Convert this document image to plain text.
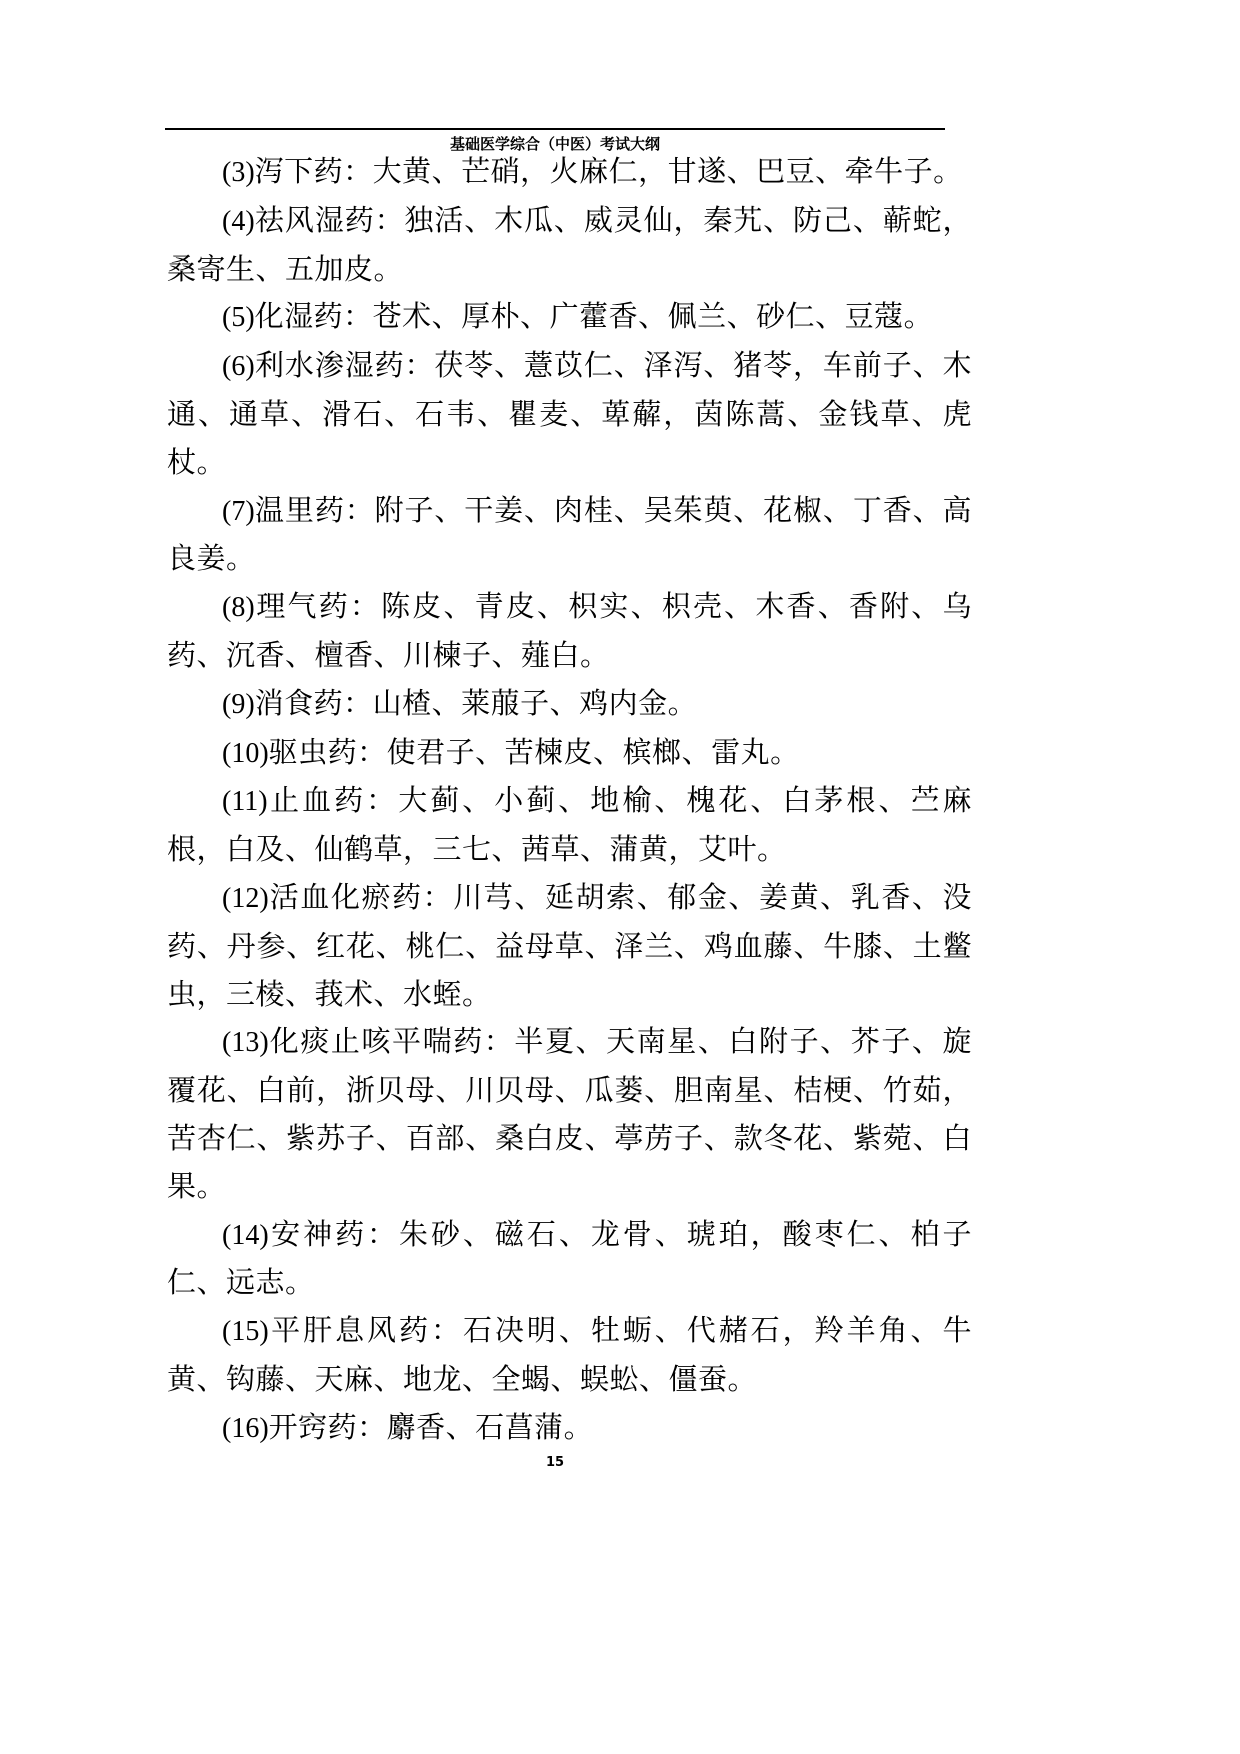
基础医学综合（中医）考试大纲

(3)泻下药：大黄、芒硝，火麻仁，甘遂、巴豆、牵牛子。

(4)祛风湿药：独活、木瓜、威灵仙，秦艽、防己、蕲蛇，桑寄生、五加皮。

(5)化湿药：苍术、厚朴、广藿香、佩兰、砂仁、豆蔻。

(6)利水渗湿药：茯苓、薏苡仁、泽泻、猪苓，车前子、木通、通草、滑石、石韦、瞿麦、萆薢，茵陈蒿、金钱草、虎杖。

(7)温里药：附子、干姜、肉桂、吴茱萸、花椒、丁香、高良姜。

(8)理气药：陈皮、青皮、枳实、枳壳、木香、香附、乌药、沉香、檀香、川楝子、薤白。

(9)消食药：山楂、莱菔子、鸡内金。

(10)驱虫药：使君子、苦楝皮、槟榔、雷丸。

(11)止血药：大蓟、小蓟、地榆、槐花、白茅根、苎麻根，白及、仙鹤草，三七、茜草、蒲黄，艾叶。

(12)活血化瘀药：川芎、延胡索、郁金、姜黄、乳香、没药、丹参、红花、桃仁、益母草、泽兰、鸡血藤、牛膝、土鳖虫，三棱、莪术、水蛭。

(13)化痰止咳平喘药：半夏、天南星、白附子、芥子、旋覆花、白前，浙贝母、川贝母、瓜蒌、胆南星、桔梗、竹茹，苦杏仁、紫苏子、百部、桑白皮、葶苈子、款冬花、紫菀、白果。

(14)安神药：朱砂、磁石、龙骨、琥珀，酸枣仁、柏子仁、远志。

(15)平肝息风药：石决明、牡蛎、代赭石，羚羊角、牛黄、钩藤、天麻、地龙、全蝎、蜈蚣、僵蚕。

(16)开窍药：麝香、石菖蒲。

15
